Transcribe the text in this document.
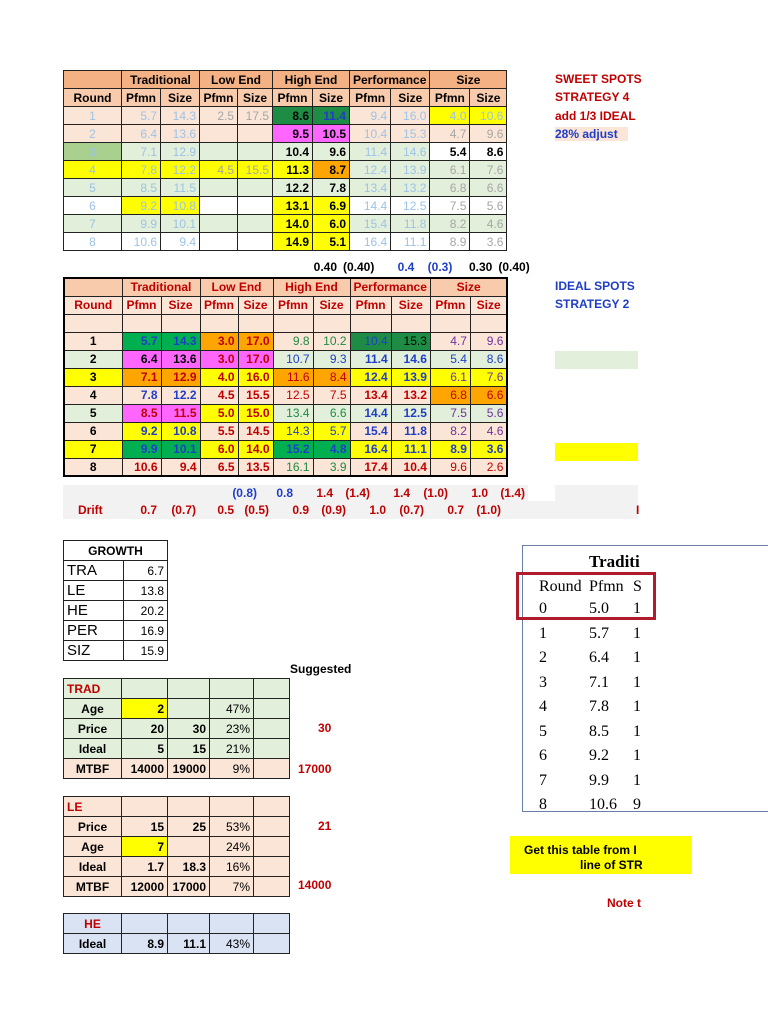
	Traditional		Low End		High End		Performance		Size	
Round	Pfmn	Size	Pfmn	Size	Pfmn	Size	Pfmn	Size	Pfmn	Size
1	5.7	14.3	2.5	17.5	8.6	11.4	9.4	16.0	4.0	10.6
2	6.4	13.6			9.5	10.5	10.4	15.3	4.7	9.6
3	7.1	12.9			10.4	9.6	11.4	14.6	5.4	8.6
4	7.8	12.2	4.5	15.5	11.3	8.7	12.4	13.9	6.1	7.6
5	8.5	11.5			12.2	7.8	13.4	13.2	6.8	6.6
6	9.2	10.8			13.1	6.9	14.4	12.5	7.5	5.6
7	9.9	10.1			14.0	6.0	15.4	11.8	8.2	4.6
8	10.6	9.4			14.9	5.1	16.4	11.1	8.9	3.6
SWEET SPOTS
STRATEGY 4
add 1/3 IDEAL
28% adjust
0.40	(0.40)	0.4	(0.3)	0.30	(0.40)
	Traditional		Low End		High End		Performance		Size	
Round	Pfmn	Size	Pfmn	Size	Pfmn	Size	Pfmn	Size	Pfmn	Size

1	5.7	14.3	3.0	17.0	9.8	10.2	10.4	15.3	4.7	9.6
2	6.4	13.6	3.0	17.0	10.7	9.3	11.4	14.6	5.4	8.6
3	7.1	12.9	4.0	16.0	11.6	8.4	12.4	13.9	6.1	7.6
4	7.8	12.2	4.5	15.5	12.5	7.5	13.4	13.2	6.8	6.6
5	8.5	11.5	5.0	15.0	13.4	6.6	14.4	12.5	7.5	5.6
6	9.2	10.8	5.5	14.5	14.3	5.7	15.4	11.8	8.2	4.6
7	9.9	10.1	6.0	14.0	15.2	4.8	16.4	11.1	8.9	3.6
8	10.6	9.4	6.5	13.5	16.1	3.9	17.4	10.4	9.6	2.6
IDEAL SPOTS
STRATEGY 2
(0.8)	0.8	1.4	(1.4)	1.4	(1.0)	1.0	(1.4)
Drift	0.7	(0.7)	0.5	(0.5)	0.9	(0.9)	1.0	(0.7)	0.7	(1.0)	I
GROWTH	
TRA	6.7
LE	13.8
HE	20.2
PER	16.9
SIZ	15.9
Suggested
TRAD				
Age	2		47%	
Price	20	30	23%	
Ideal	5	15	21%	
MTBF	14000	19000	9%	
30
17000
LE				
Price	15	25	53%	
Age	7		24%	
Ideal	1.7	18.3	16%	
MTBF	12000	17000	7%	
21
14000
HE				
Ideal	8.9	11.1	43%	
Traditi
Round Pfmn S
0	5.0 1
1	5.7 1
2	6.4 1
3	7.1 1
4	7.8 1
5	8.5 1
6	9.2 1
7	9.9 1
8	10.6 9
Get this table from I
line of STR
Note t
